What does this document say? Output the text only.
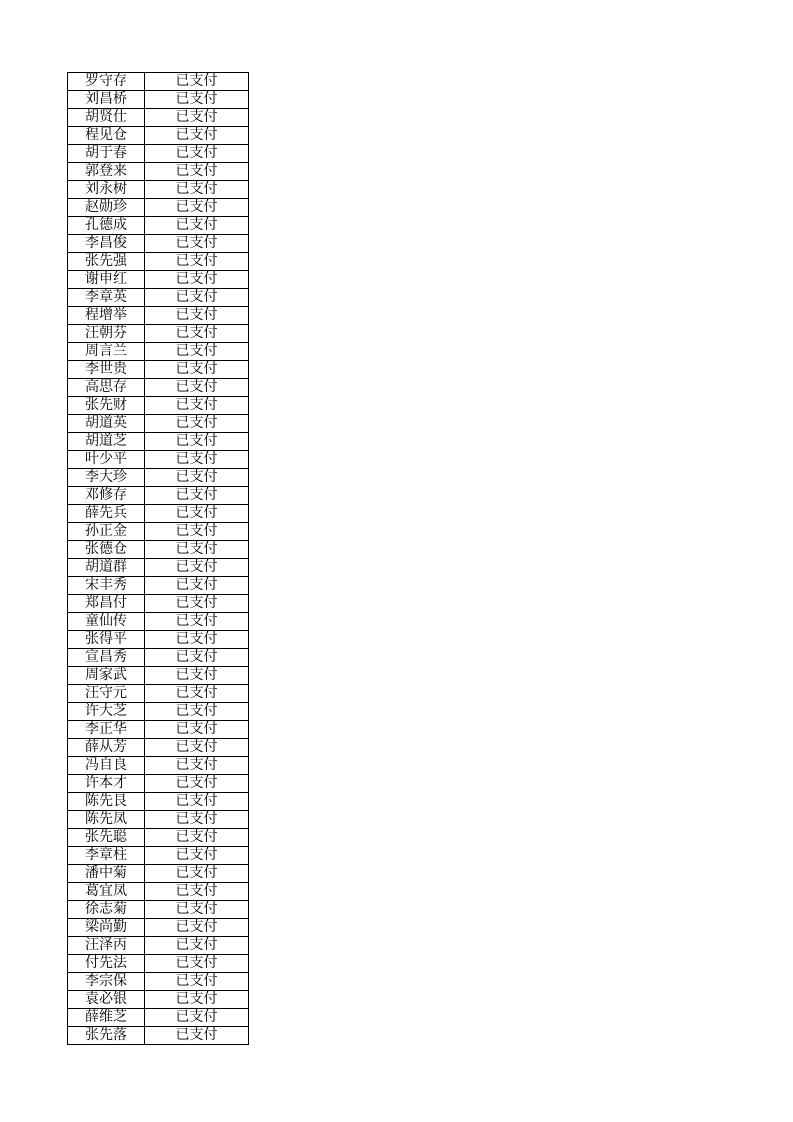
罗守存	已支付
刘昌桥	已支付
胡贤仕	已支付
程见仓	已支付
胡于春	已支付
郭登来	已支付
刘永树	已支付
赵勋珍	已支付
孔德成	已支付
李昌俊	已支付
张先强	已支付
谢申红	已支付
李章英	已支付
程增举	已支付
汪朝芬	已支付
周言兰	已支付
李世贵	已支付
高思存	已支付
张先财	已支付
胡道英	已支付
胡道芝	已支付
叶少平	已支付
李大珍	已支付
邓修存	已支付
薛先兵	已支付
孙正金	已支付
张德仓	已支付
胡道群	已支付
宋丰秀	已支付
郑昌付	已支付
童仙传	已支付
张得平	已支付
宣昌秀	已支付
周家武	已支付
汪守元	已支付
许大芝	已支付
李正华	已支付
薛从芳	已支付
冯自良	已支付
许本才	已支付
陈先艮	已支付
陈先凤	已支付
张先聪	已支付
李章柱	已支付
潘中菊	已支付
葛宜凤	已支付
徐志菊	已支付
梁尚勤	已支付
汪泽丙	已支付
付先法	已支付
李宗保	已支付
袁必银	已支付
薛维芝	已支付
张先落	已支付
